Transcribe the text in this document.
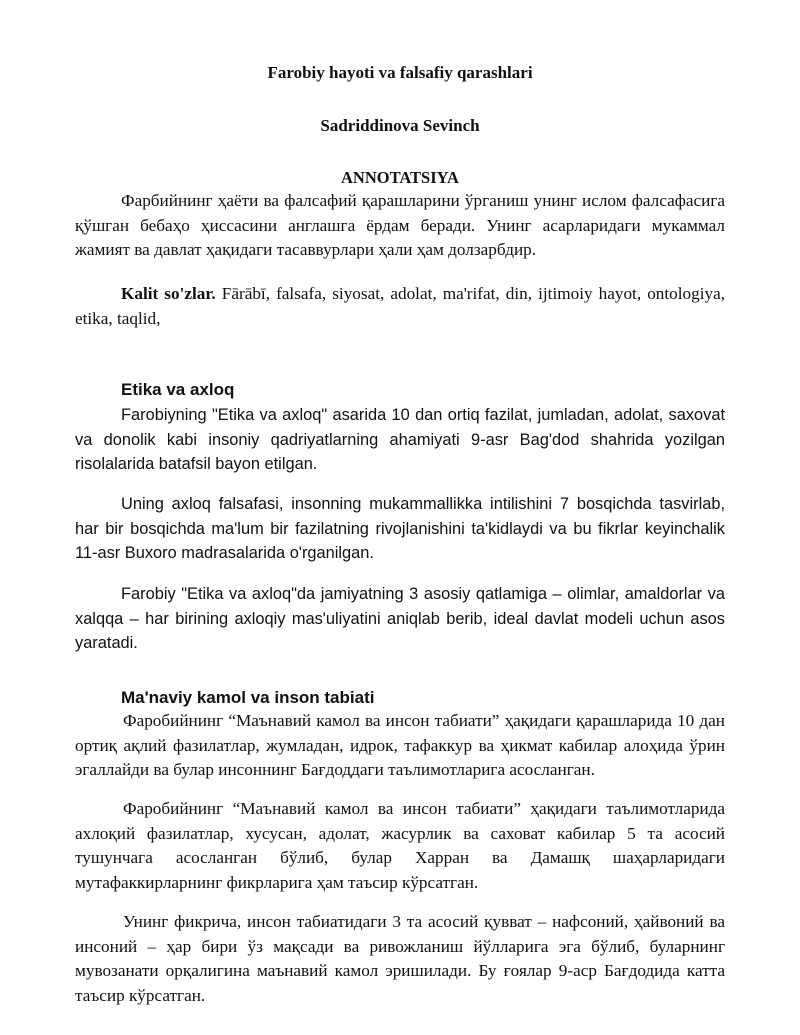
Farobiy hayoti va falsafiy qarashlari
Sadriddinova Sevinch
ANNOTATSIYA
Фарбийнинг ҳаёти ва фалсафий қарашларини ўрганиш унинг ислом фалсафасига қўшган бебаҳо ҳиссасини англашга ёрдам беради. Унинг асарларидаги мукаммал жамият ва давлат ҳақидаги тасаввурлари ҳали ҳам долзарбдир.
Kalit so'zlar. Fārābī, falsafa, siyosat, adolat, ma'rifat, din, ijtimoiy hayot, ontologiya, etika, taqlid,
Etika va axloq
Farobiyning "Etika va axloq" asarida 10 dan ortiq fazilat, jumladan, adolat, saxovat va donolik kabi insoniy qadriyatlarning ahamiyati 9-asr Bag'dod shahrida yozilgan risolalarida batafsil bayon etilgan.
Uning axloq falsafasi, insonning mukammallikka intilishini 7 bosqichda tasvirlab, har bir bosqichda ma'lum bir fazilatning rivojlanishini ta'kidlaydi va bu fikrlar keyinchalik 11-asr Buxoro madrasalarida o'rganilgan.
Farobiy "Etika va axloq"da jamiyatning 3 asosiy qatlamiga – olimlar, amaldorlar va xalqqa – har birining axloqiy mas'uliyatini aniqlab berib, ideal davlat modeli uchun asos yaratadi.
Ma'naviy kamol va inson tabiati
Фаробийнинг “Маънавий камол ва инсон табиати” ҳақидаги қарашларида 10 дан ортиқ ақлий фазилатлар, жумладан, идрок, тафаккур ва ҳикмат кабилар алоҳида ўрин эгаллайди ва булар инсоннинг Бағдоддаги таълимотларига асосланган.
Фаробийнинг “Маънавий камол ва инсон табиати” ҳақидаги таълимотларида ахлоқий фазилатлар, хусусан, адолат, жасурлик ва саховат кабилар 5 та асосий тушунчага асосланган бўлиб, булар Харран ва Дамашқ шаҳарларидаги мутафаккирларнинг фикрларига ҳам таъсир кўрсатган.
Унинг фикрича, инсон табиатидаги 3 та асосий қувват – нафсоний, ҳайвоний ва инсоний – ҳар бири ўз мақсади ва ривожланиш йўлларига эга бўлиб, буларнинг мувозанати орқалигина маънавий камол эришилади. Бу ғоялар 9-аср Бағдодида катта таъсир кўрсатган.
